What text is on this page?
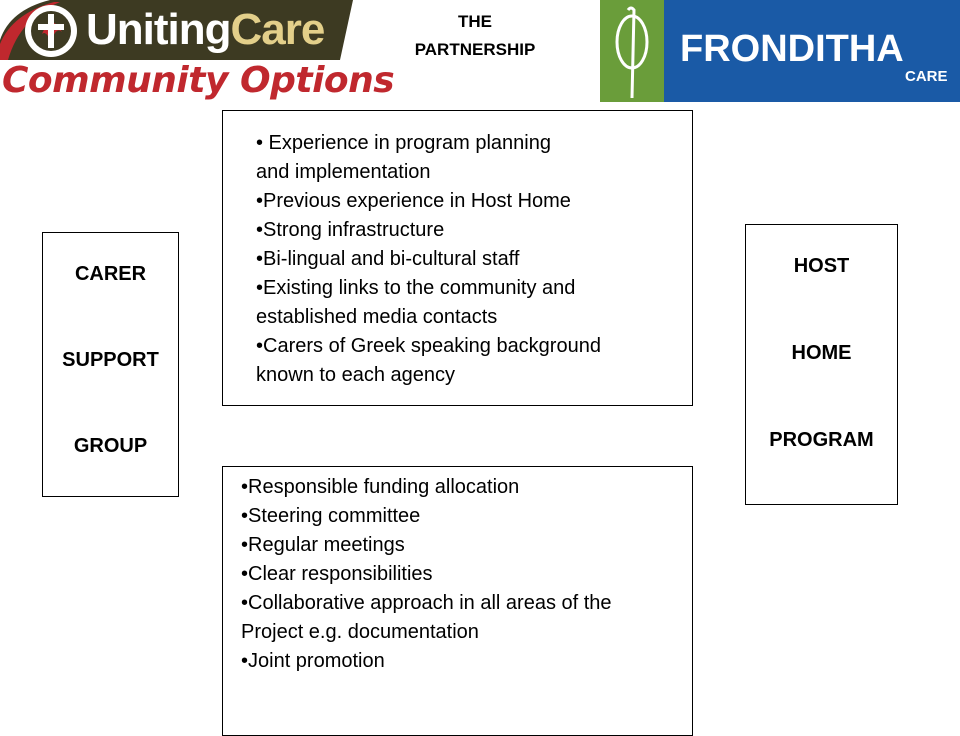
UnitingCare
Community Options
THE
PARTNERSHIP	FRONDITHA
CARE
CARER
SUPPORT
GROUP
HOST
HOME
PROGRAM
• Experience in program planning
and implementation
•Previous experience in Host Home
•Strong infrastructure
•Bi-lingual and bi-cultural staff
•Existing links to the community and
established media contacts
•Carers of Greek speaking background
known to each agency
•Responsible funding allocation
•Steering committee
•Regular meetings
•Clear responsibilities
•Collaborative approach in all areas of the
Project e.g. documentation
•Joint promotion
